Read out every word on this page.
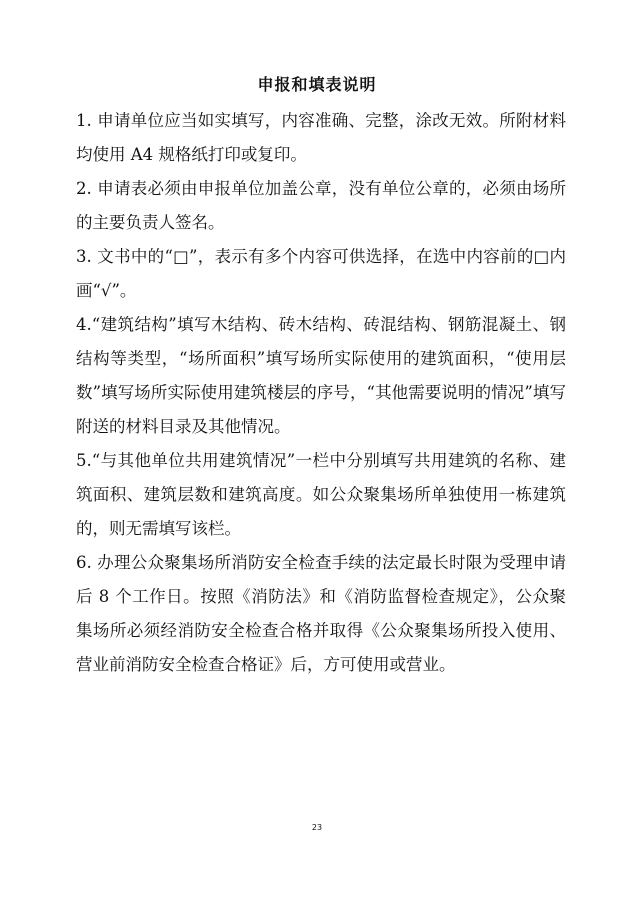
申报和填表说明

1. 申请单位应当如实填写，内容准确、完整，涂改无效。所附材料均使用 A4 规格纸打印或复印。

2. 申请表必须由申报单位加盖公章，没有单位公章的，必须由场所的主要负责人签名。

3. 文书中的“□”，表示有多个内容可供选择，在选中内容前的□内画“√”。

4.“建筑结构”填写木结构、砖木结构、砖混结构、钢筋混凝土、钢结构等类型，“场所面积”填写场所实际使用的建筑面积，“使用层数”填写场所实际使用建筑楼层的序号，“其他需要说明的情况”填写附送的材料目录及其他情况。

5.“与其他单位共用建筑情况”一栏中分别填写共用建筑的名称、建筑面积、建筑层数和建筑高度。如公众聚集场所单独使用一栋建筑的，则无需填写该栏。

6. 办理公众聚集场所消防安全检查手续的法定最长时限为受理申请后 8 个工作日。按照《消防法》和《消防监督检查规定》，公众聚集场所必须经消防安全检查合格并取得《公众聚集场所投入使用、营业前消防安全检查合格证》后，方可使用或营业。

23
